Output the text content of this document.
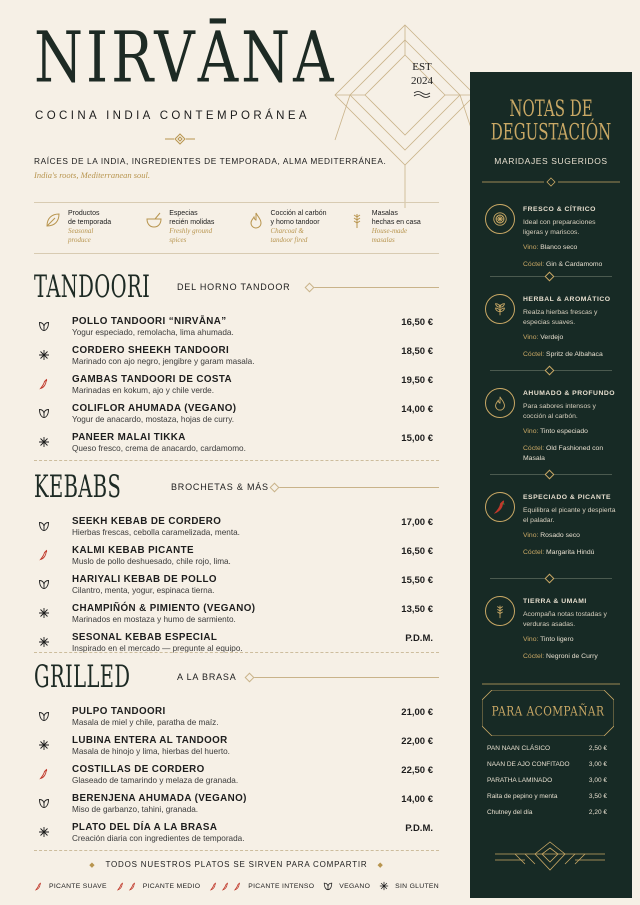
NIRVĀNA
COCINA INDIA CONTEMPORÁNEA
EST
2024
RAÍCES DE LA INDIA, INGREDIENTES DE TEMPORADA, ALMA MEDITERRÁNEA.
India's roots, Mediterranean soul.
Productos
de temporada
Seasonal
produce
Especias
recién molidas
Freshly ground
spices
Cocción al carbón
y horno tandoor
Charcoal &
tandoor fired
Masalas
hechas en casa
House-made
masalas
TANDOORI	DEL HORNO TANDOOR
POLLO TANDOORI “NIRVĀNA”
Yogur especiado, remolacha, lima ahumada.
16,50 €
CORDERO SHEEKH TANDOORI
Marinado con ajo negro, jengibre y garam masala.
18,50 €
GAMBAS TANDOORI DE COSTA
Marinadas en kokum, ajo y chile verde.
19,50 €
COLIFLOR AHUMADA (VEGANO)
Yogur de anacardo, mostaza, hojas de curry.
14,00 €
PANEER MALAI TIKKA
Queso fresco, crema de anacardo, cardamomo.
15,00 €
KEBABS	BROCHETAS & MÁS
SEEKH KEBAB DE CORDERO
Hierbas frescas, cebolla caramelizada, menta.
17,00 €
KALMI KEBAB PICANTE
Muslo de pollo deshuesado, chile rojo, lima.
16,50 €
HARIYALI KEBAB DE POLLO
Cilantro, menta, yogur, espinaca tierna.
15,50 €
CHAMPIÑÓN & PIMIENTO (VEGANO)
Marinados en mostaza y humo de sarmiento.
13,50 €
SESONAL KEBAB ESPECIAL
Inspirado en el mercado — pregunte al equipo.
P.D.M.
GRILLED	A LA BRASA
PULPO TANDOORI
Masala de miel y chile, paratha de maíz.
21,00 €
LUBINA ENTERA AL TANDOOR
Masala de hinojo y lima, hierbas del huerto.
22,00 €
COSTILLAS DE CORDERO
Glaseado de tamarindo y melaza de granada.
22,50 €
BERENJENA AHUMADA (VEGANO)
Miso de garbanzo, tahini, granada.
14,00 €
PLATO DEL DÍA A LA BRASA
Creación diaria con ingredientes de temporada.
P.D.M.
◆ TODOS NUESTROS PLATOS SE SIRVEN PARA COMPARTIR ◆
PICANTE SUAVE	PICANTE MEDIO	PICANTE INTENSO	VEGANO	SIN GLUTEN
NOTAS DE
DEGUSTACIÓN
MARIDAJES SUGERIDOS
FRESCO & CÍTRICO
Ideal con preparaciones ligeras y mariscos.
Vino: Blanco seco
Cóctel: Gin & Cardamomo
HERBAL & AROMÁTICO
Realza hierbas frescas y especias suaves.
Vino: Verdejo
Cóctel: Spritz de Albahaca
AHUMADO & PROFUNDO
Para sabores intensos y cocción al carbón.
Vino: Tinto especiado
Cóctel: Old Fashioned con Masala
ESPECIADO & PICANTE
Equilibra el picante y despierta el paladar.
Vino: Rosado seco
Cóctel: Margarita Hindú
TIERRA & UMAMI
Acompaña notas tostadas y verduras asadas.
Vino: Tinto ligero
Cóctel: Negroni de Curry
PARA ACOMPAÑAR
PAN NAAN CLÁSICO	2,50 €
NAAN DE AJO CONFITADO	3,00 €
PARATHA LAMINADO	3,00 €
Raita de pepino y menta	3,50 €
Chutney del día	2,20 €
